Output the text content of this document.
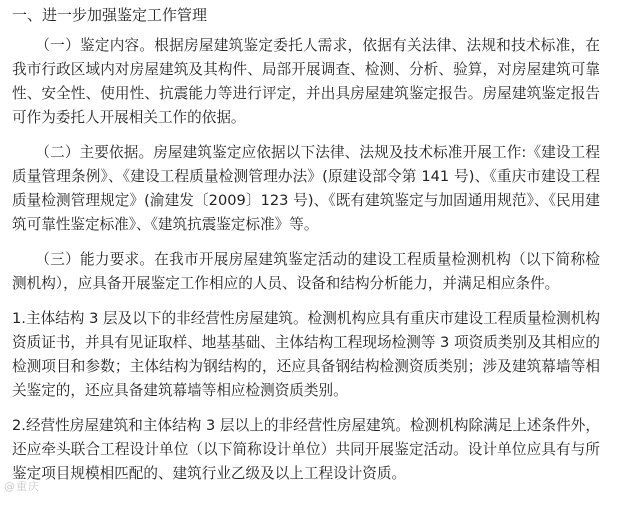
一、进一步加强鉴定工作管理

（一）鉴定内容。根据房屋建筑鉴定委托人需求，依据有关法律、法规和技术标准，在我市行政区域内对房屋建筑及其构件、局部开展调查、检测、分析、验算，对房屋建筑可靠性、安全性、使用性、抗震能力等进行评定，并出具房屋建筑鉴定报告。房屋建筑鉴定报告可作为委托人开展相关工作的依据。

（二）主要依据。房屋建筑鉴定应依据以下法律、法规及技术标准开展工作:《建设工程质量管理条例》、《建设工程质量检测管理办法》(原建设部令第 141 号)、《重庆市建设工程质量检测管理规定》(渝建发〔2009〕123 号)、《既有建筑鉴定与加固通用规范》、《民用建筑可靠性鉴定标准》、《建筑抗震鉴定标准》等。

（三）能力要求。在我市开展房屋建筑鉴定活动的建设工程质量检测机构（以下简称检测机构），应具备开展鉴定工作相应的人员、设备和结构分析能力，并满足相应条件。

1.主体结构 3 层及以下的非经营性房屋建筑。检测机构应具有重庆市建设工程质量检测机构资质证书，并具有见证取样、地基基础、主体结构工程现场检测等 3 项资质类别及其相应的检测项目和参数；主体结构为钢结构的，还应具备钢结构检测资质类别；涉及建筑幕墙等相关鉴定的，还应具备建筑幕墙等相应检测资质类别。

2.经营性房屋建筑和主体结构 3 层以上的非经营性房屋建筑。检测机构除满足上述条件外，还应牵头联合工程设计单位（以下简称设计单位）共同开展鉴定活动。设计单位应具有与所鉴定项目规模相匹配的、建筑行业乙级及以上工程设计资质。

@重庆
